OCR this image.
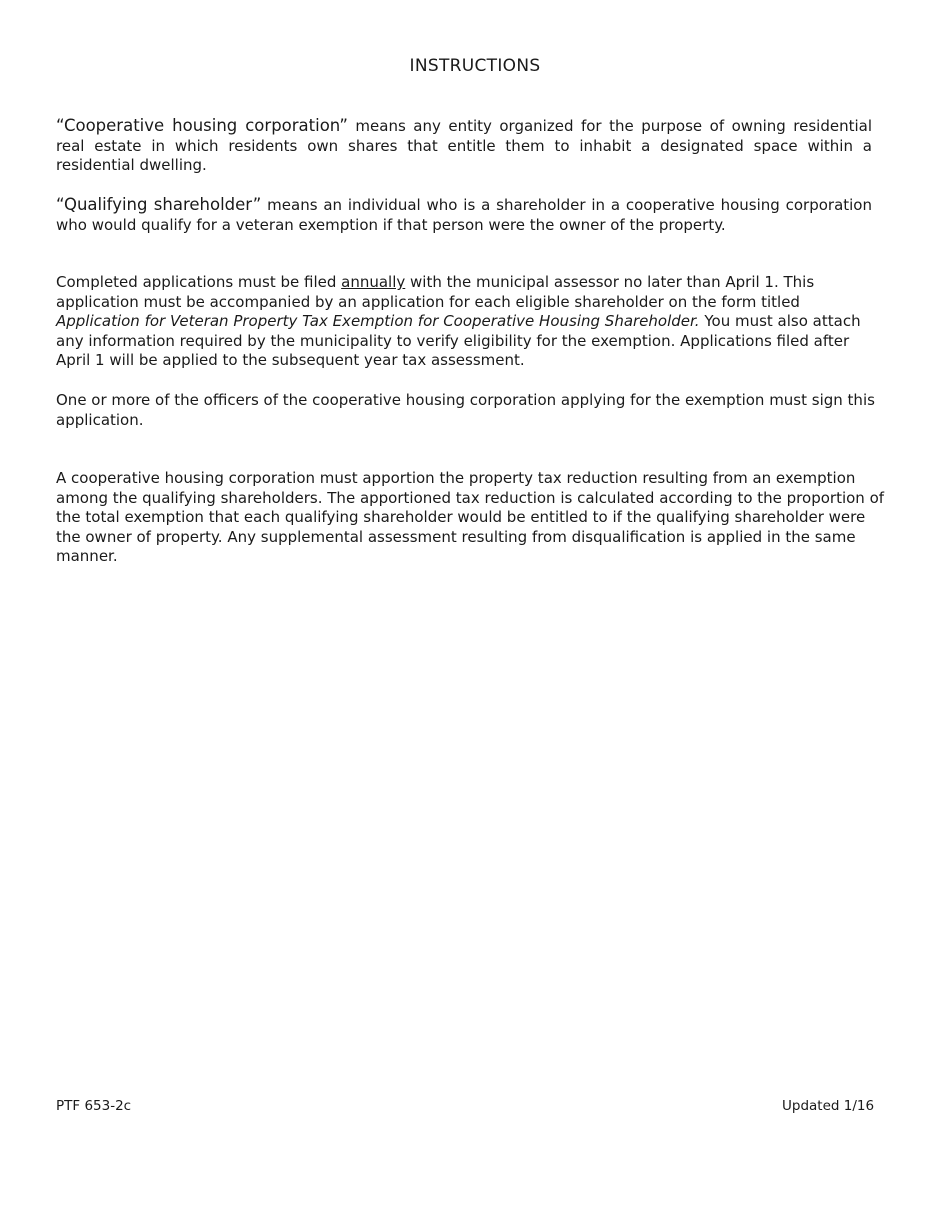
INSTRUCTIONS

“Cooperative housing corporation” means any entity organized for the purpose of owning residential real estate in which residents own shares that entitle them to inhabit a designated space within a residential dwelling.

“Qualifying shareholder” means an individual who is a shareholder in a cooperative housing corporation who would qualify for a veteran exemption if that person were the owner of the property.

Completed applications must be filed annually with the municipal assessor no later than April 1. This application must be accompanied by an application for each eligible shareholder on the form titled Application for Veteran Property Tax Exemption for Cooperative Housing Shareholder. You must also attach any information required by the municipality to verify eligibility for the exemption. Applications filed after April 1 will be applied to the subsequent year tax assessment.

One or more of the officers of the cooperative housing corporation applying for the exemption must sign this application.

A cooperative housing corporation must apportion the property tax reduction resulting from an exemption among the qualifying shareholders. The apportioned tax reduction is calculated according to the proportion of the total exemption that each qualifying shareholder would be entitled to if the qualifying shareholder were the owner of property. Any supplemental assessment resulting from disqualification is applied in the same manner.

PTF 653-2c	Updated 1/16
